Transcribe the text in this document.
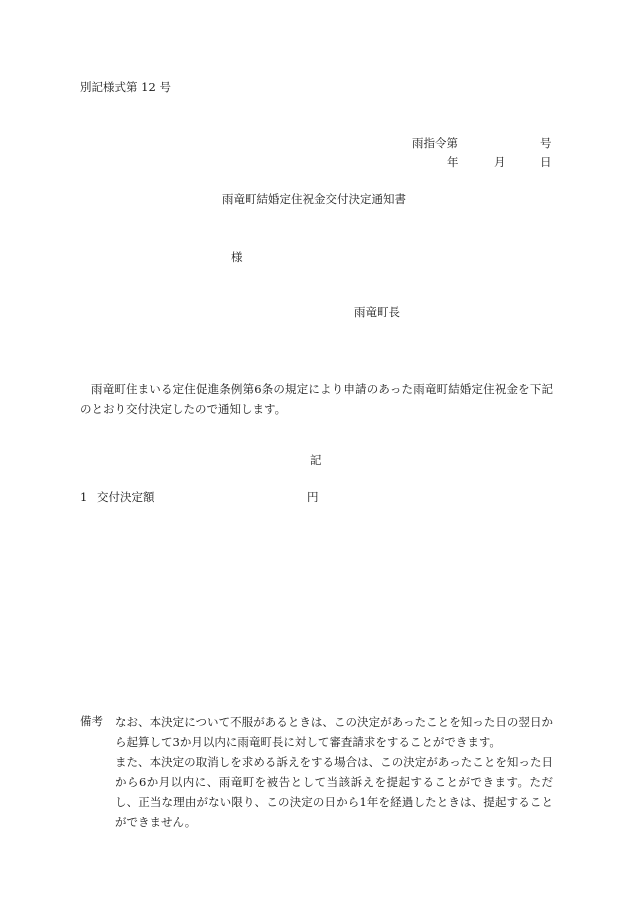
別記様式第 12 号
雨指令第	号
年	月	日
雨竜町結婚定住祝金交付決定通知書
様
雨竜町長
雨竜町住まいる定住促進条例第6条の規定により申請のあった雨竜町結婚定住祝金を下記のとおり交付決定したので通知します。
記
1 交付決定額	円
備考 なお、本決定について不服があるときは、この決定があったことを知った日の翌日から起算して3か月以内に雨竜町長に対して審査請求をすることができます。

また、本決定の取消しを求める訴えをする場合は、この決定があったことを知った日から6か月以内に、雨竜町を被告として当該訴えを提起することができます。ただし、正当な理由がない限り、この決定の日から1年を経過したときは、提起することができません。
